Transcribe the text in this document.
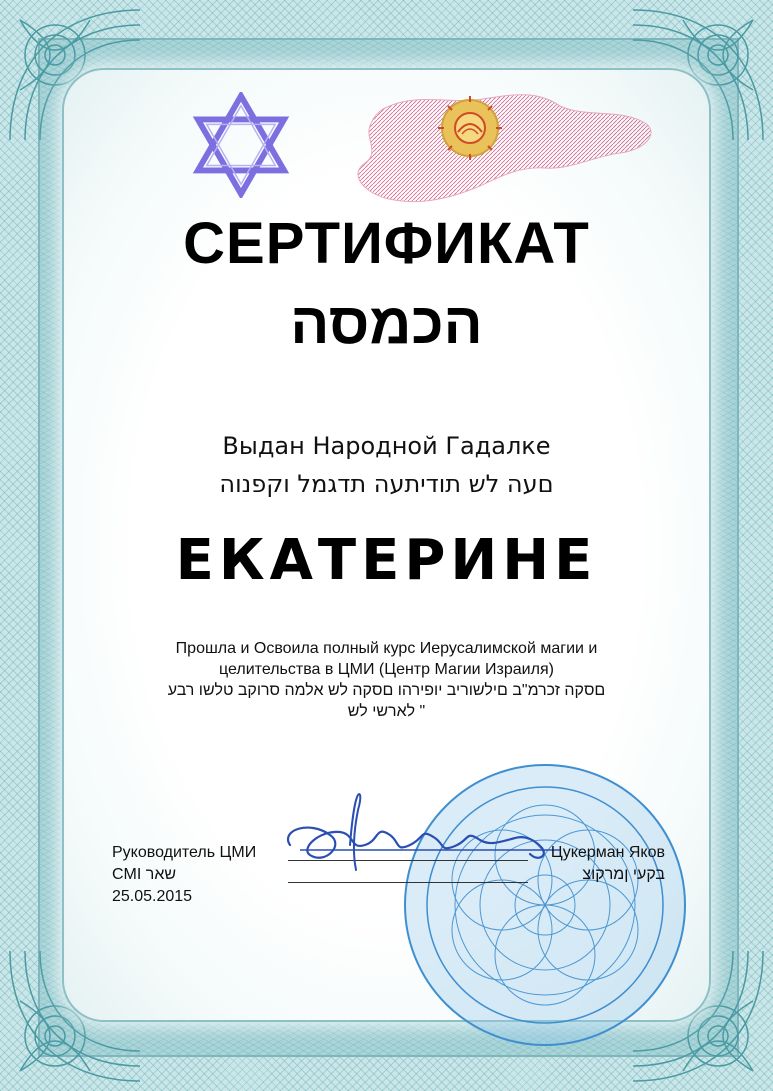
СЕРТИФИКАТ
הכמסה
Выдан Народной Гадалке
םעה לש תודיתעה תדגמל וקפנוה
ЕКАТЕРИНЕ
Прошла и Освоила полный курс Иерусалимской магии и
целительства в ЦМИ (Центр Магии Израиля)
םסקה זכרמ"ב םילשוריב יופירהו םסקה לש אלמה סרוקב טלשו רבע
" לארשי לש
Руководитель ЦМИ
שאר CMI
25.05.2015
Цукерман Яков
בקעי ןמרקוצ
